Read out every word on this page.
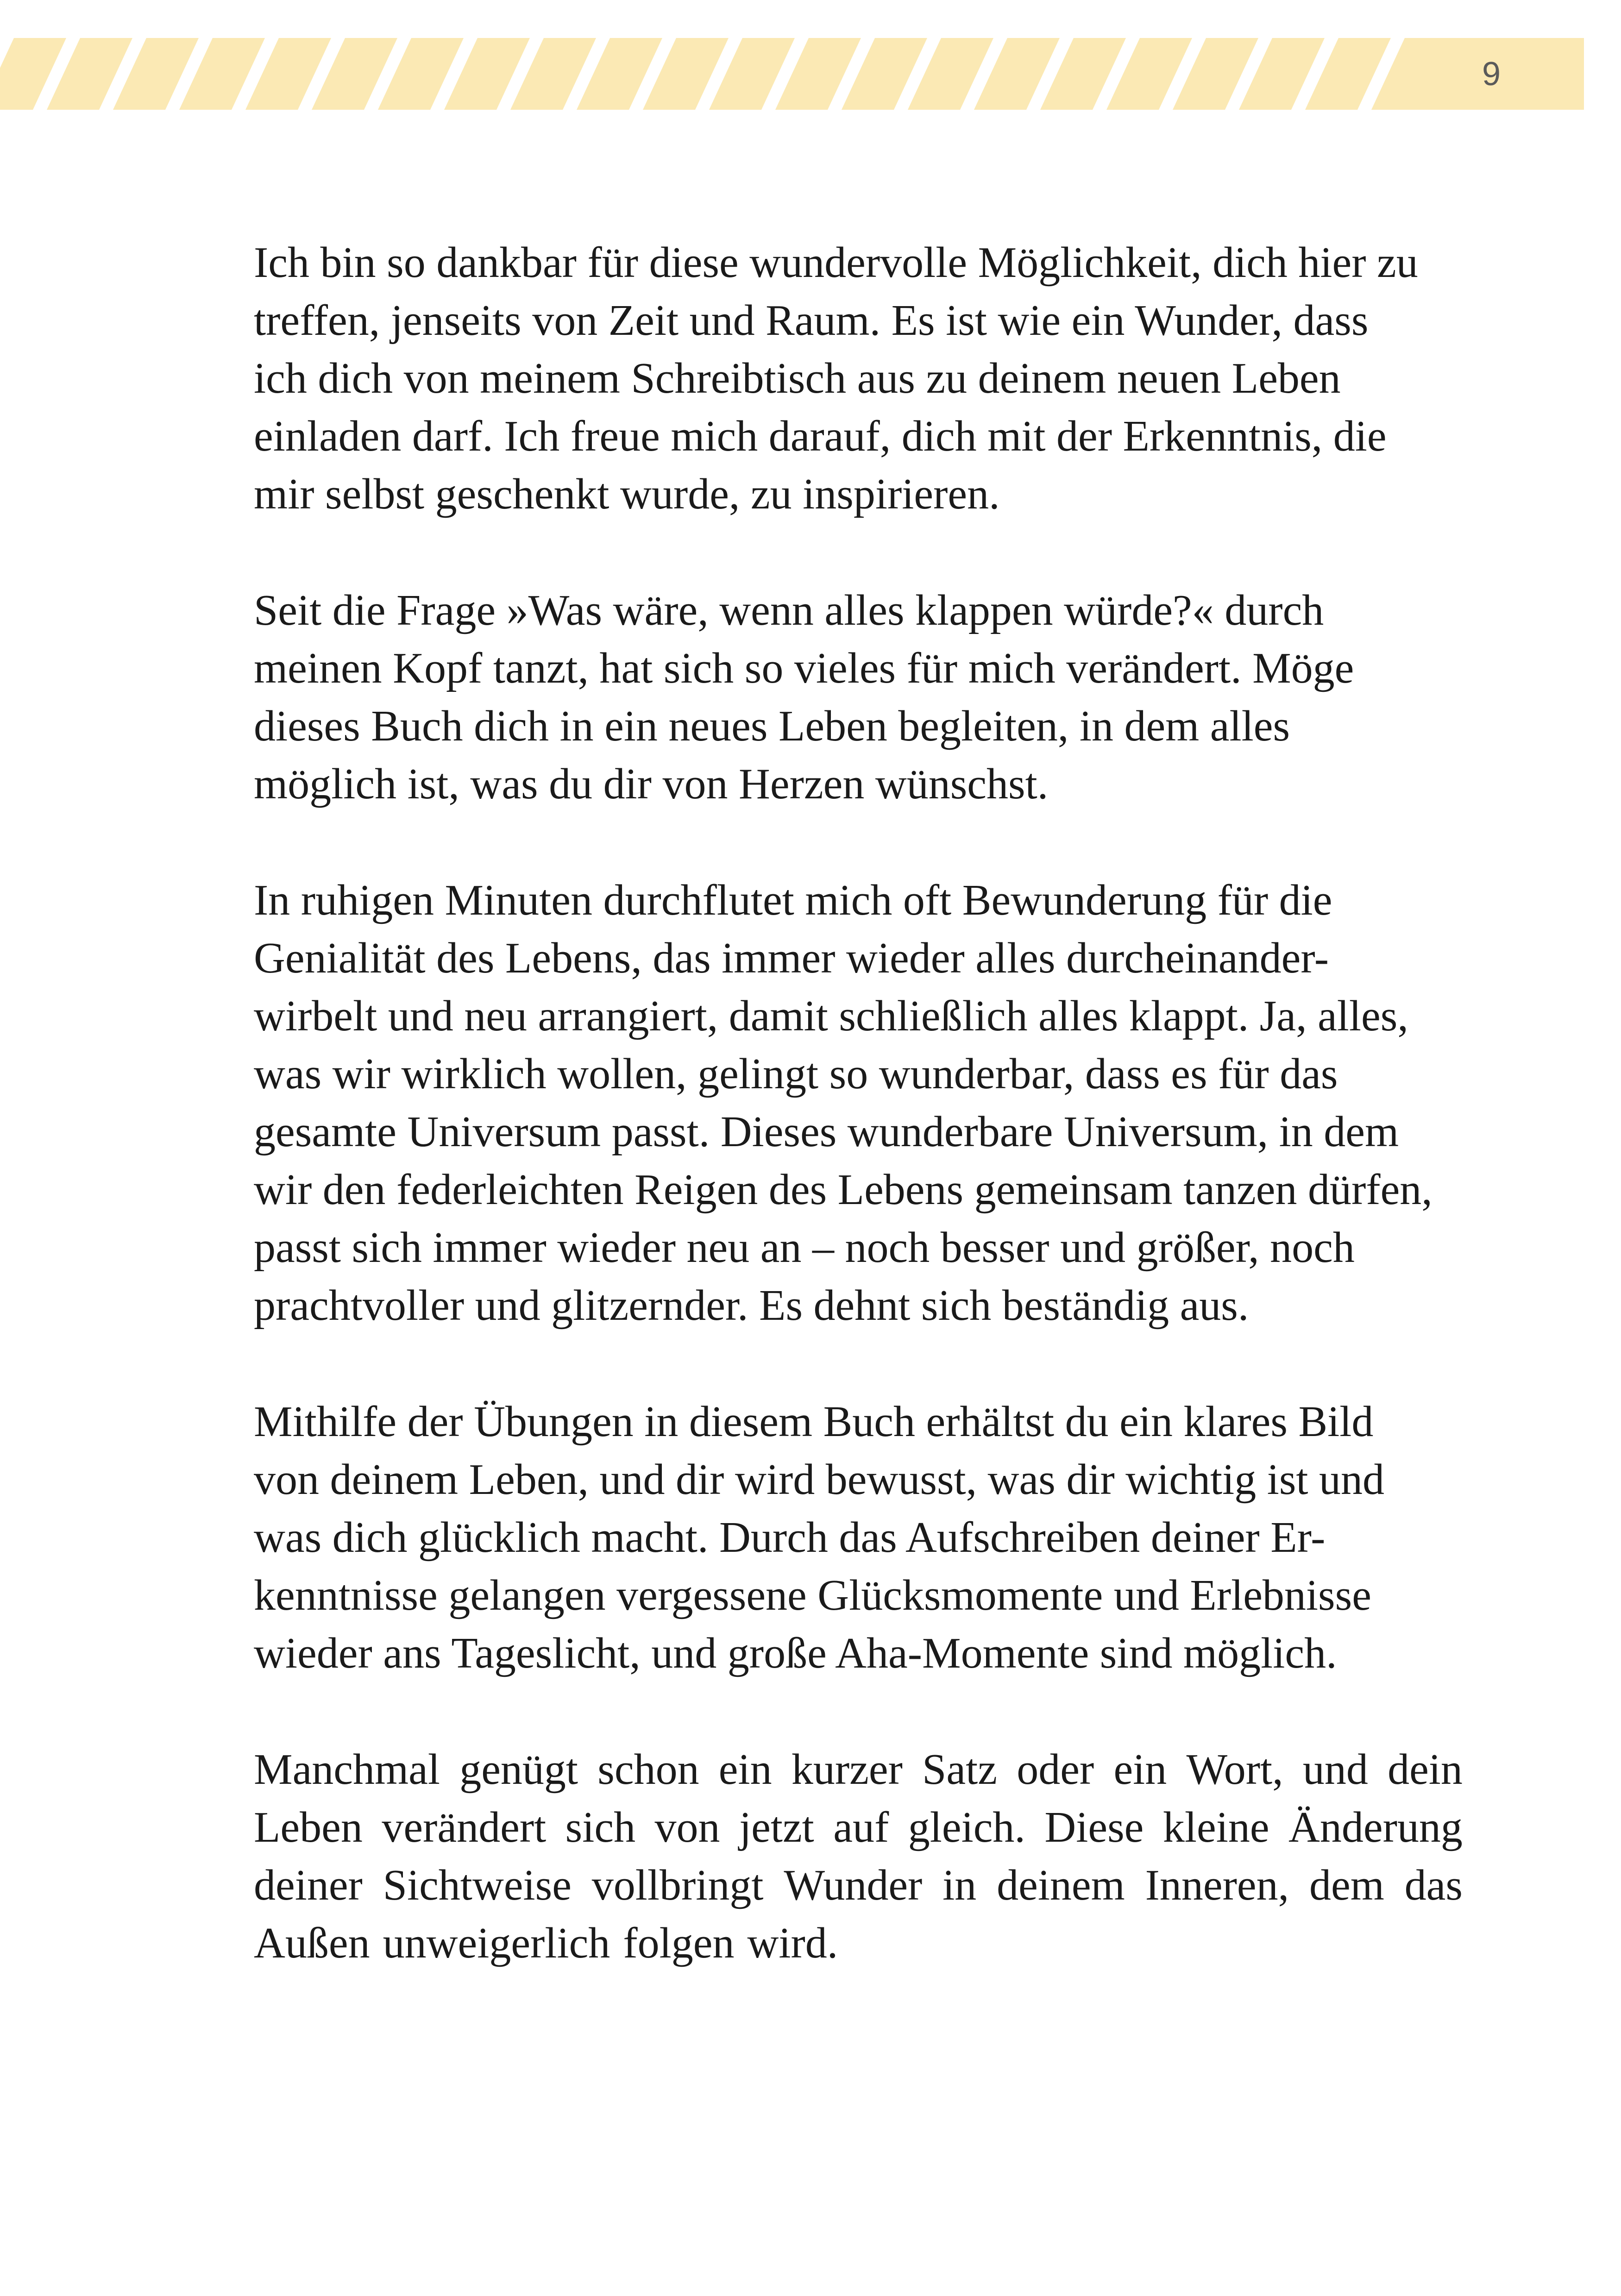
9

Ich bin so dankbar für diese wundervolle Möglichkeit, dich hier zu
treffen, jenseits von Zeit und Raum. Es ist wie ein Wunder, dass
ich dich von meinem Schreibtisch aus zu deinem neuen Leben
einladen darf. Ich freue mich darauf, dich mit der Erkenntnis, die
mir selbst geschenkt wurde, zu inspirieren.

Seit die Frage »Was wäre, wenn alles klappen würde?« durch
meinen Kopf tanzt, hat sich so vieles für mich verändert. Möge
dieses Buch dich in ein neues Leben begleiten, in dem alles
möglich ist, was du dir von Herzen wünschst.

In ruhigen Minuten durchflutet mich oft Bewunderung für die
Genialität des Lebens, das immer wieder alles durcheinander-
wirbelt und neu arrangiert, damit schließlich alles klappt. Ja, alles,
was wir wirklich wollen, gelingt so wunderbar, dass es für das
gesamte Universum passt. Dieses wunderbare Universum, in dem
wir den federleichten Reigen des Lebens gemeinsam tanzen dürfen,
passt sich immer wieder neu an – noch besser und größer, noch
prachtvoller und glitzernder. Es dehnt sich beständig aus.

Mithilfe der Übungen in diesem Buch erhältst du ein klares Bild
von deinem Leben, und dir wird bewusst, was dir wichtig ist und
was dich glücklich macht. Durch das Aufschreiben deiner Er-
kenntnisse gelangen vergessene Glücksmomente und Erlebnisse
wieder ans Tageslicht, und große Aha-Momente sind möglich.

Manchmal genügt schon ein kurzer Satz oder ein Wort, und dein
Leben verändert sich von jetzt auf gleich. Diese kleine Änderung
deiner Sichtweise vollbringt Wunder in deinem Inneren, dem das
Außen unweigerlich folgen wird.
